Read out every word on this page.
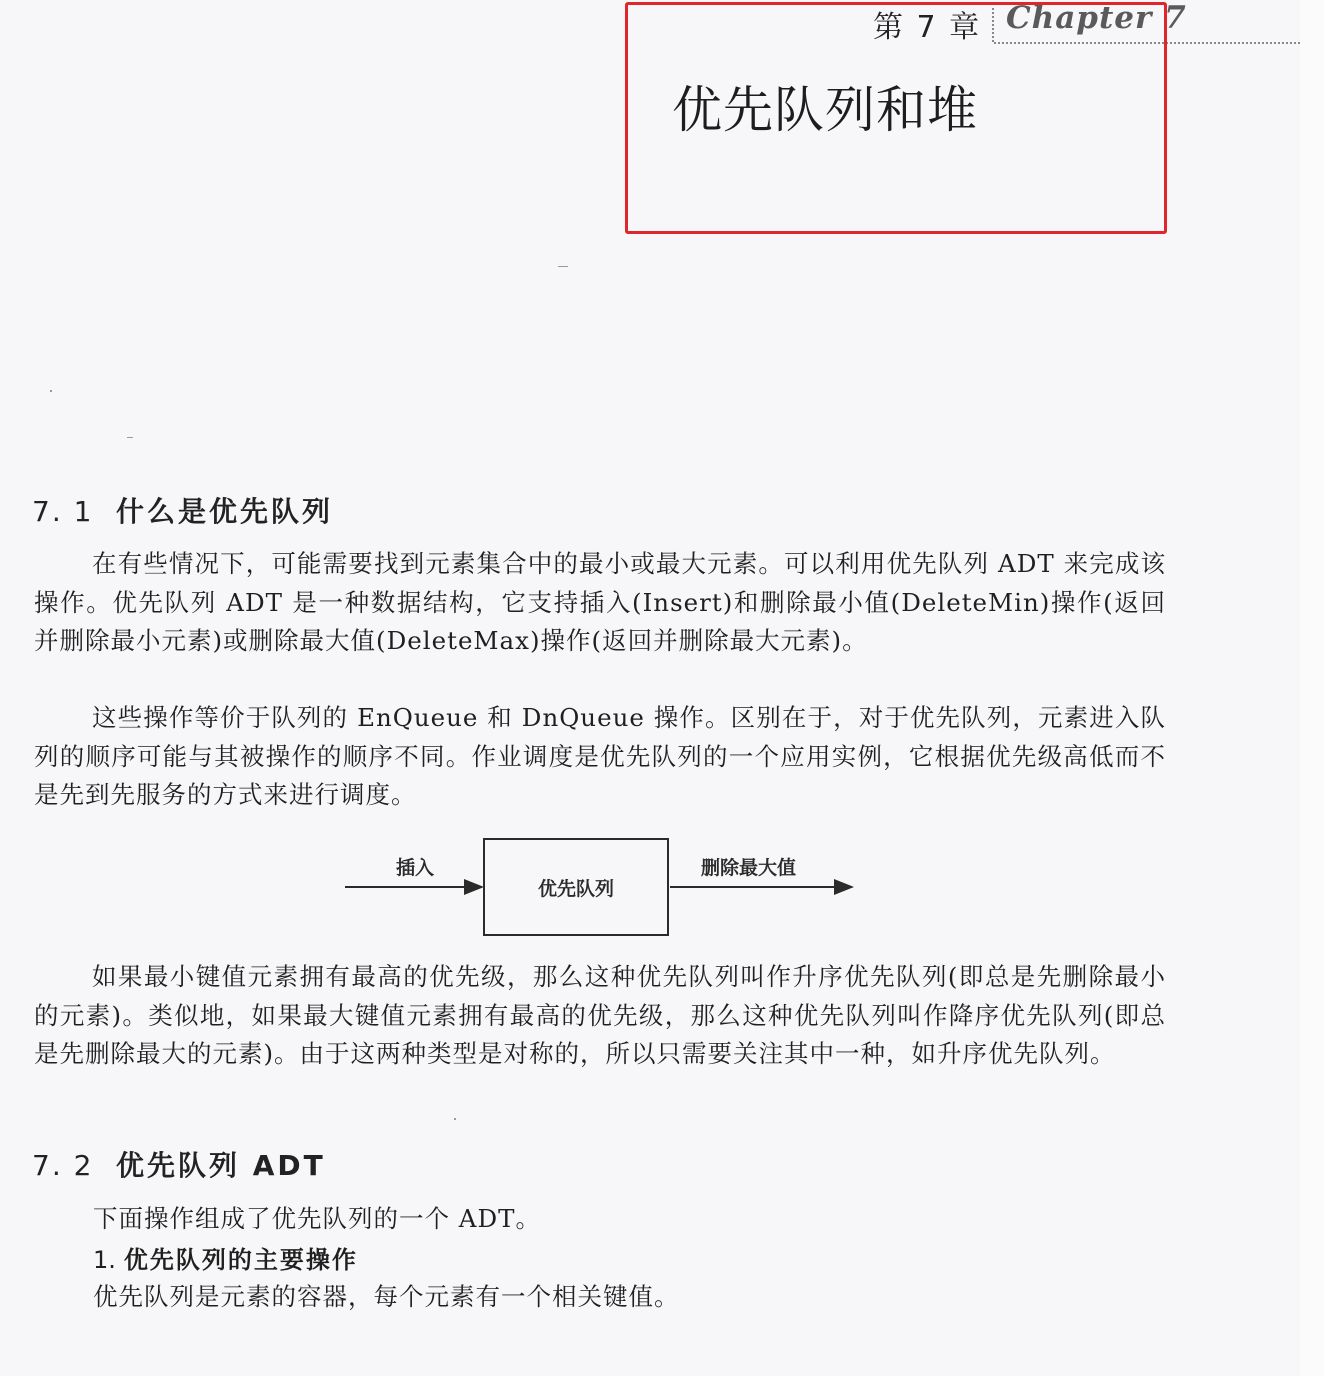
第 7 章 Chapter 7
优先队列和堆
7. 1 什么是优先队列

在有些情况下，可能需要找到元素集合中的最小或最大元素。可以利用优先队列 ADT 来完成该操作。优先队列 ADT 是一种数据结构，它支持插入(Insert)和删除最小值(DeleteMin)操作(返回并删除最小元素)或删除最大值(DeleteMax)操作(返回并删除最大元素)。

这些操作等价于队列的 EnQueue 和 DnQueue 操作。区别在于，对于优先队列，元素进入队列的顺序可能与其被操作的顺序不同。作业调度是优先队列的一个应用实例，它根据优先级高低而不是先到先服务的方式来进行调度。

插入
优先队列
删除最大值

如果最小键值元素拥有最高的优先级，那么这种优先队列叫作升序优先队列(即总是先删除最小的元素)。类似地，如果最大键值元素拥有最高的优先级，那么这种优先队列叫作降序优先队列(即总是先删除最大的元素)。由于这两种类型是对称的，所以只需要关注其中一种，如升序优先队列。

7. 2 优先队列 ADT
下面操作组成了优先队列的一个 ADT。
1. 优先队列的主要操作
优先队列是元素的容器，每个元素有一个相关键值。
